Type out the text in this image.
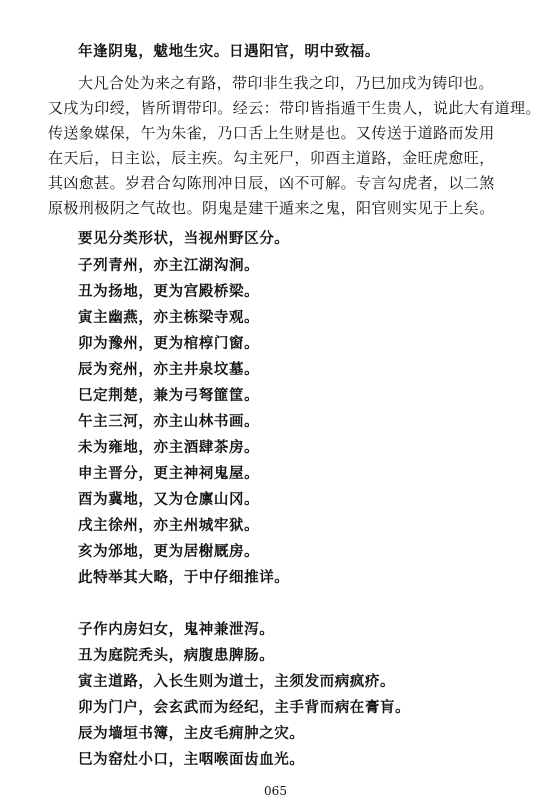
年逢阴鬼，魃地生灾。日遇阳官，明中致福。
大凡合处为来之有路，带印非生我之印，乃巳加戌为铸印也。
又戌为印绶，皆所谓带印。经云：带印皆指遁干生贵人，说此大有道理。
传送象媒保，午为朱雀，乃口舌上生财是也。又传送于道路而发用
在天后，日主讼，辰主疾。勾主死尸，卯酉主道路，金旺虎愈旺，
其凶愈甚。岁君合勾陈刑冲日辰，凶不可解。专言勾虎者，以二煞
原极刑极阴之气故也。阴鬼是建干遁来之鬼，阳官则实见于上矣。
要见分类形状，当视州野区分。
子列青州，亦主江湖沟涧。
丑为扬地，更为宫殿桥梁。
寅主幽燕，亦主栋梁寺观。
卯为豫州，更为棺椁门窗。
辰为兖州，亦主井泉坟墓。
巳定荆楚，兼为弓弩篚筐。
午主三河，亦主山林书画。
未为雍地，亦主酒肆茶房。
申主晋分，更主神祠鬼屋。
酉为冀地，又为仓廪山冈。
戌主徐州，亦主州城牢狱。
亥为邠地，更为居榭厩房。
此特举其大略，于中仔细推详。
子作内房妇女，鬼神兼泄泻。
丑为庭院秃头，病腹患脾肠。
寅主道路，入长生则为道士，主须发而病疯疥。
卯为门户，会玄武而为经纪，主手背而病在膏肓。
辰为墙垣书簿，主皮毛痈肿之灾。
巳为窑灶小口，主咽喉面齿血光。
065
